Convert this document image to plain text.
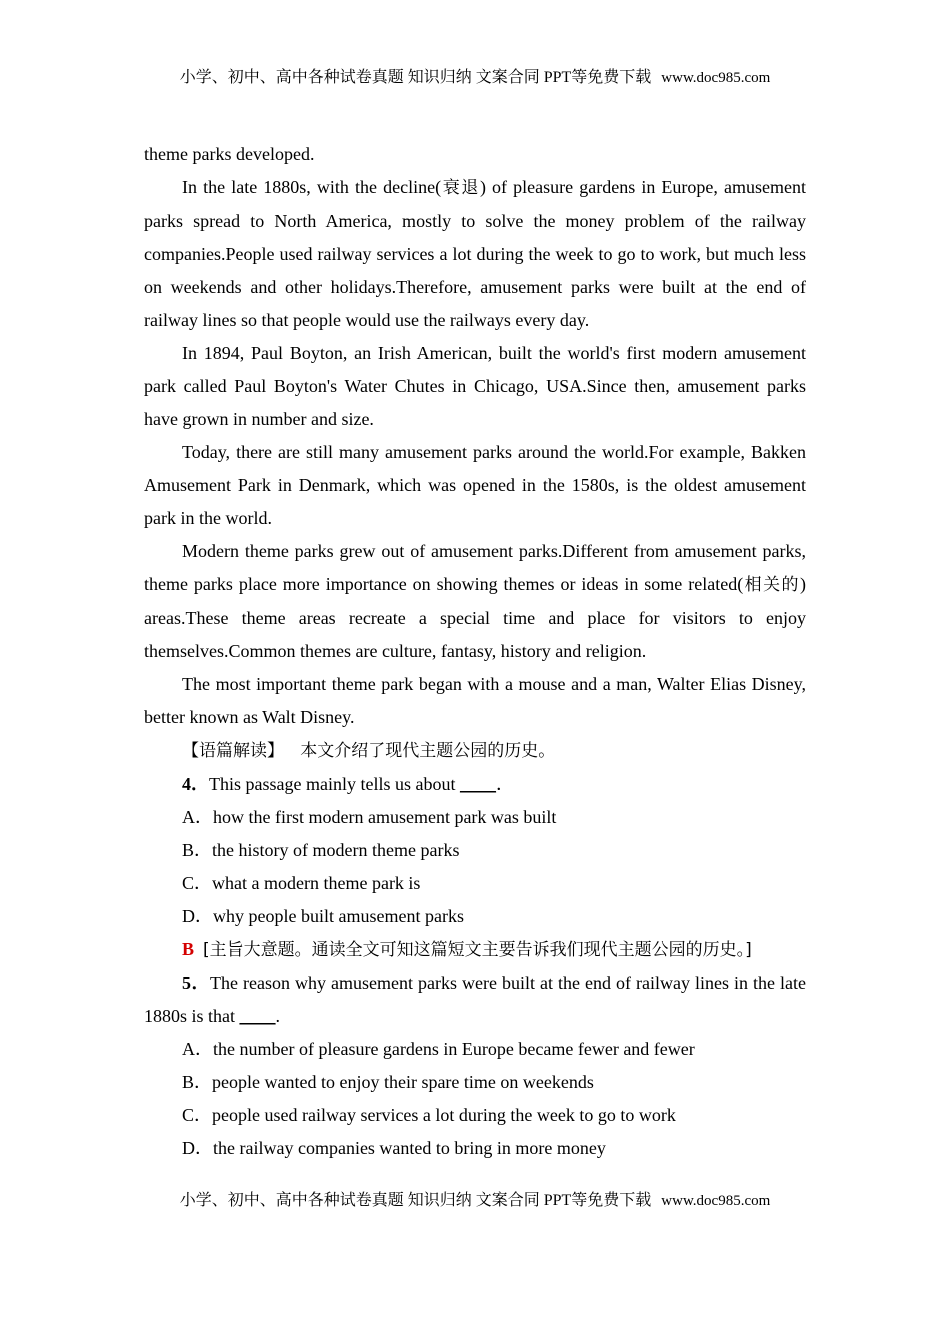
小学、初中、高中各种试卷真题 知识归纳 文案合同 PPT等免费下载 www.doc985.com

theme parks developed.

In the late 1880s, with the decline(衰退) of pleasure gardens in Europe, amusement parks spread to North America, mostly to solve the money problem of the railway companies.People used railway services a lot during the week to go to work, but much less on weekends and other holidays.Therefore, amusement parks were built at the end of railway lines so that people would use the railways every day.

In 1894, Paul Boyton, an Irish American, built the world's first modern amusement park called Paul Boyton's Water Chutes in Chicago, USA.Since then, amusement parks have grown in number and size.

Today, there are still many amusement parks around the world.For example, Bakken Amusement Park in Denmark, which was opened in the 1580s, is the oldest amusement park in the world.

Modern theme parks grew out of amusement parks.Different from amusement parks, theme parks place more importance on showing themes or ideas in some related(相关的) areas.These theme areas recreate a special time and place for visitors to enjoy themselves.Common themes are culture, fantasy, history and religion.

The most important theme park began with a mouse and a man, Walter Elias Disney, better known as Walt Disney.

【语篇解读】 本文介绍了现代主题公园的历史。

4．This passage mainly tells us about ____．

A．how the first modern amusement park was built

B．the history of modern theme parks

C．what a modern theme park is

D．why people built amusement parks

B [主旨大意题。通读全文可知这篇短文主要告诉我们现代主题公园的历史。]

5．The reason why amusement parks were built at the end of railway lines in the late 1880s is that ____.

A．the number of pleasure gardens in Europe became fewer and fewer

B．people wanted to enjoy their spare time on weekends

C．people used railway services a lot during the week to go to work

D．the railway companies wanted to bring in more money

小学、初中、高中各种试卷真题 知识归纳 文案合同 PPT等免费下载 www.doc985.com
